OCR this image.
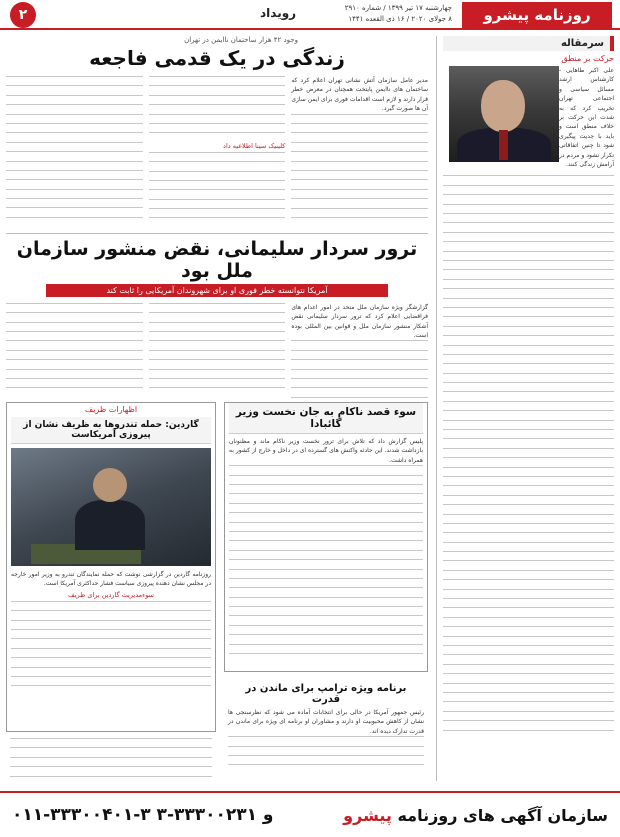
روزنامه پیشرو
چهارشنبه ۱۷ تیر ۱۳۹۹ / شماره ۲۹۱۰
۸ جولای ۲۰۲۰ / ۱۶ ذی القعده ۱۴۴۱
رویداد
۲
سرمقاله
حرکت بر منطق
علی اکبر طاهایی - کارشناس ارشد مسائل سیاسی و اجتماعی تهران تخریب کرد که به شدت این حرکت بر خلاف منطق است و باید با جدیت پیگیری شود تا چنین اتفاقاتی تکرار نشود و مردم در آرامش زندگی کنند.
وجود ۴۲ هزار ساختمان ناایمن در تهران
زندگی در یک قدمی فاجعه
مدیر عامل سازمان آتش نشانی تهران اعلام کرد که ساختمان های ناایمن پایتخت همچنان در معرض خطر قرار دارند و لازم است اقدامات فوری برای ایمن سازی آن ها صورت گیرد.
کلینیک سینا اطلاعیه داد
ترور سردار سلیمانی، نقض منشور سازمان ملل بود
آمریکا نتوانسته خطر فوری او برای شهروندان آمریکایی را ثابت کند
گزارشگر ویژه سازمان ملل متحد در امور اعدام های فراقضایی اعلام کرد که ترور سردار سلیمانی نقض آشکار منشور سازمان ملل و قوانین بین المللی بوده است.
سوء قصد ناکام به جان نخست وزیر گائبادا
پلیس گزارش داد که تلاش برای ترور نخست وزیر ناکام ماند و مظنونان بازداشت شدند. این حادثه واکنش های گسترده ای در داخل و خارج از کشور به همراه داشت.
اظهارات ظریف
گاردین: حمله تندروها به ظریف نشان از پیروزی آمریکاست
روزنامه گاردین در گزارشی نوشت که حمله نمایندگان تندرو به وزیر امور خارجه در مجلس نشان دهنده پیروزی سیاست فشار حداکثری آمریکا است.
سوءمدیریت گاردین برای ظریف
برنامه ویژه ترامپ برای ماندن در قدرت
رئیس جمهور آمریکا در حالی برای انتخابات آماده می شود که نظرسنجی ها نشان از کاهش محبوبیت او دارند و مشاوران او برنامه ای ویژه برای ماندن در قدرت تدارک دیده اند.
سازمان آگهی های روزنامه پیشرو
۰۱۱-۳۳۳۰۰۴۰۱-۳ و ۳۳۳۰۰۲۳۱-۳
